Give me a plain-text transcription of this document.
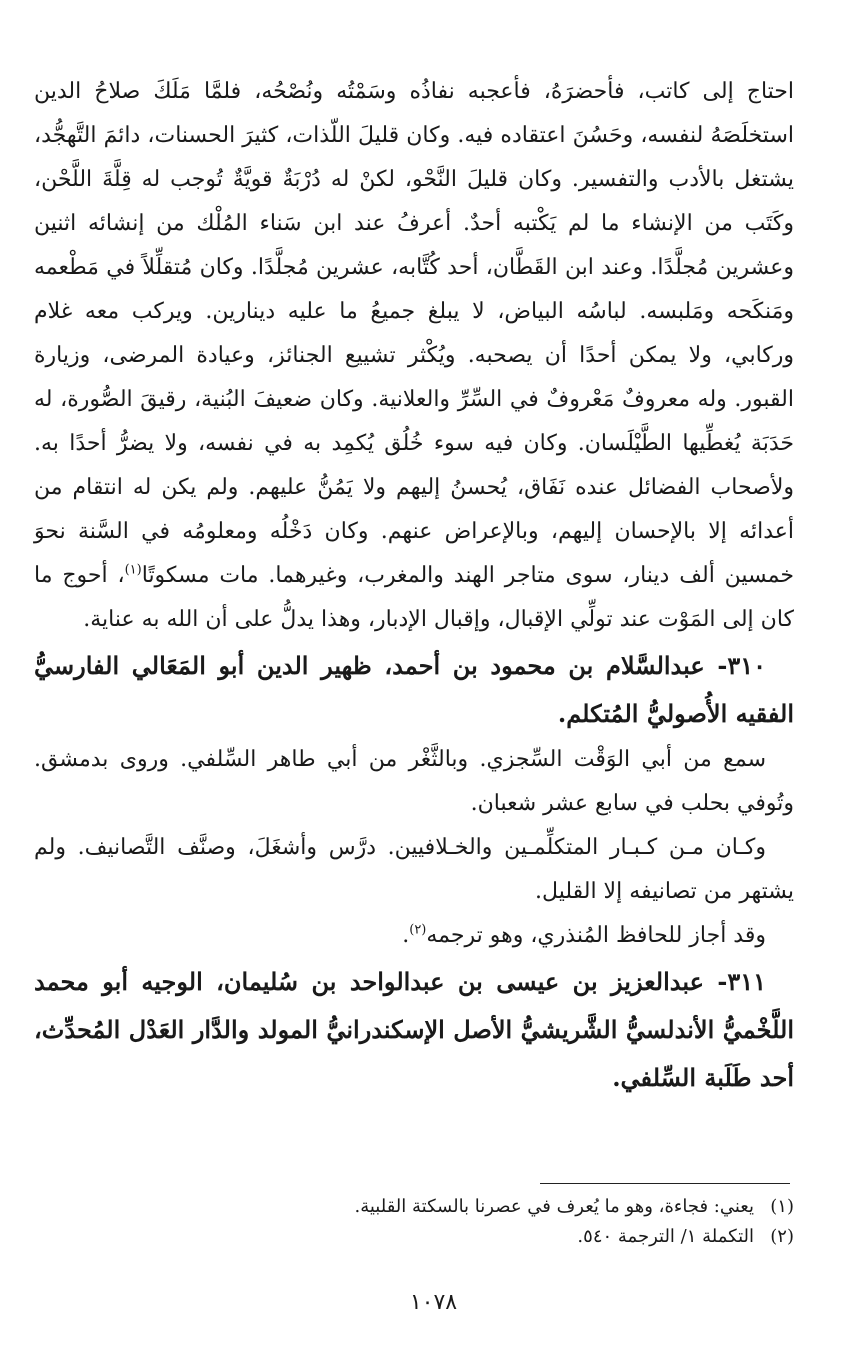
احتاج إلى كاتب، فأحضرَهُ، فأعجبه نفاذُه وسَمْتُه ونُصْحُه، فلمَّا مَلَكَ صلاحُ الدين استخلَصَهُ لنفسه، وحَسُنَ اعتقاده فيه. وكان قليلَ اللّذات، كثيرَ الحسنات، دائمَ التَّهجُّد، يشتغل بالأدب والتفسير. وكان قليلَ النَّحْو، لكنْ له دُرْبَةٌ قويَّةٌ تُوجب له قِلَّةَ اللَّحْن، وكَتَب من الإنشاء ما لم يَكْتبه أحدٌ. أعرفُ عند ابن سَناء المُلْك من إنشائه اثنين وعشرين مُجلَّدًا. وعند ابن القَطَّان، أحد كُتَّابه، عشرين مُجلَّدًا. وكان مُتقلِّلاً في مَطْعمه ومَنكَحه ومَلبسه. لباسُه البياض، لا يبلغ جميعُ ما عليه دينارين. ويركب معه غلام وركابي، ولا يمكن أحدًا أن يصحبه. ويُكْثر تشييع الجنائز، وعيادة المرضى، وزيارة القبور. وله معروفٌ مَعْروفٌ في السِّرِّ والعلانية. وكان ضعيفَ البُنية، رقيقَ الصُّورة، له حَدَبَة يُغطِّيها الطَّيْلَسان. وكان فيه سوء خُلُق يُكمِد به في نفسه، ولا يضرُّ أحدًا به. ولأصحاب الفضائل عنده نَفَاق، يُحسنُ إليهم ولا يَمُنُّ عليهم. ولم يكن له انتقام من أعدائه إلا بالإحسان إليهم، وبالإعراض عنهم. وكان دَخْلُه ومعلومُه في السَّنة نحوَ خمسين ألف دينار، سوى متاجر الهند والمغرب، وغيرهما. مات مسكوتًا$^{(١)}$، أحوج ما كان إلى المَوْت عند تولِّي الإقبال، وإقبال الإدبار، وهذا يدلُّ على أن الله به عناية.

٣١٠- عبدالسَّلام بن محمود بن أحمد، ظهير الدين أبو المَعَالي الفارسيُّ الفقيه الأُصوليُّ المُتكلم.

سمع من أبي الوَقْت السِّجزي. وبالثَّغْر من أبي طاهر السِّلفي. وروى بدمشق. وتُوفي بحلب في سابع عشر شعبان.

وكـان مـن كـبـار المتكلِّمـين والخـلافيين. درَّس وأشغَلَ، وصنَّف التَّصانيف. ولم يشتهر من تصانيفه إلا القليل.

وقد أجاز للحافظ المُنذري، وهو ترجمه$^{(٢)}$.

٣١١- عبدالعزيز بن عيسى بن عبدالواحد بن سُليمان، الوجيه أبو محمد اللَّخْميُّ الأندلسيُّ الشَّريشيُّ الأصل الإسكندرانيُّ المولد والدَّار العَدْل المُحدِّث، أحد طَلَبة السِّلفي.

(١)يعني: فجاءة، وهو ما يُعرف في عصرنا بالسكتة القلبية.

(٢)التكملة ١/ الترجمة ٥٤٠.

١٠٧٨
